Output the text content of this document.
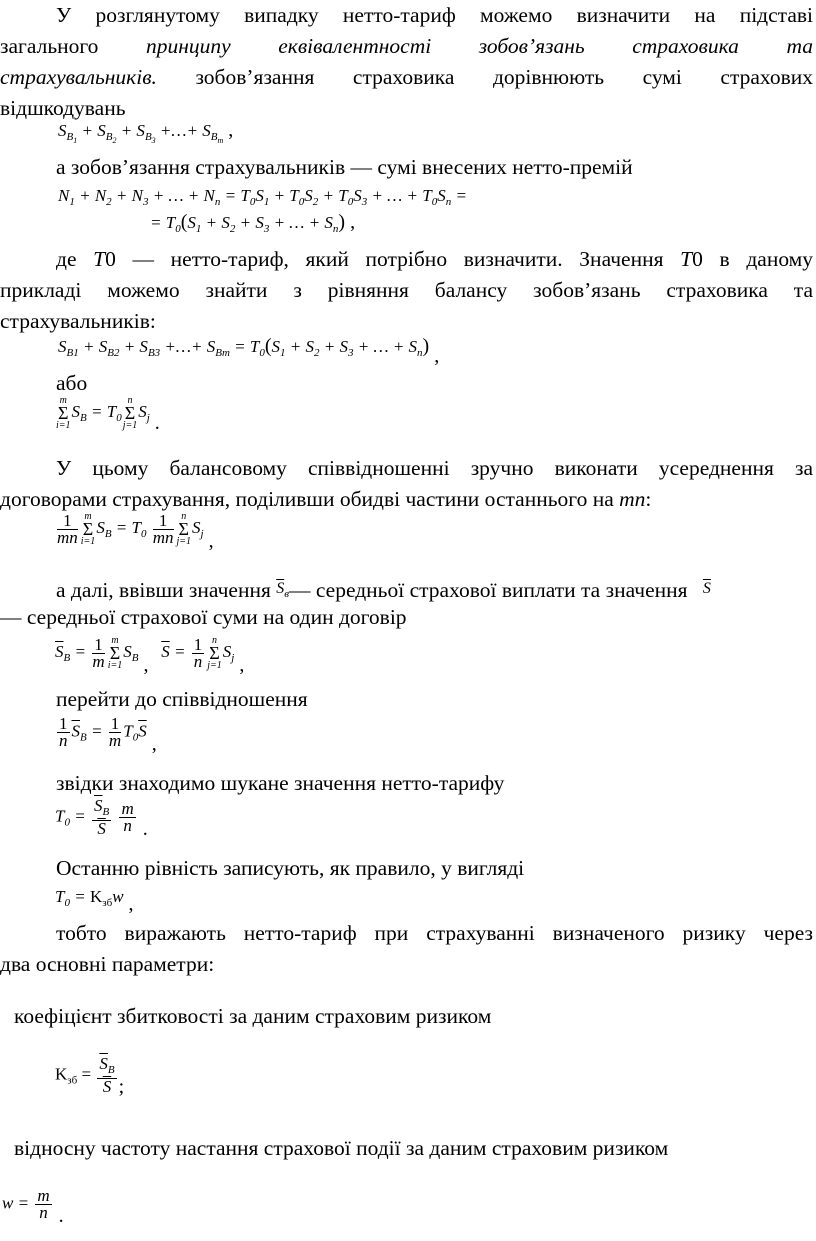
У розглянутому випадку нетто-тариф можемо визначити на підставі
загального принципу еквівалентності зобов’язань страховика та
страхувальників. зобов’язання страховика дорівнюють сумі страхових
відшкодувань
$S_{B_1} + S_{B_2} + S_{B_3}$ +…+ $S_{B_m}$ ,
а зобов’язання страхувальників — сумі внесених нетто-премій
$N_1 + N_2 + N_3$ + … + $N_n = T_0S_1 + T_0S_2 + T_0S_3$ + … + $T_0S_n$ =
= $T_0(S_1 + S_2 + S_3$ + … + $S_n$) ,
де T0 — нетто-тариф, який потрібно визначити. Значення T0 в даному
прикладі можемо знайти з рівняння балансу зобов’язань страховика та
страхувальників:
$S_{B1} + S_{B2} + S_{B3}$ +…+ $S_{Bm} = T_0(S_1 + S_2 + S_3$ + … + $S_n$) ,
або
m
Σ
$i=1S_B = T_0n$
Σ
$j=1S_j$ .
У цьому балансовому співвідношенні зручно виконати усереднення за
договорами страхування, поділивши обидві частини останнього на mn:
$\frac{1}{mn}$ m
Σ
$i=1S_B = T_0 \frac{1}{mn}$ n
Σ
$j=1S_j$ ,
а далі, ввівши значення $\overline{S}_в—$ середньої страхової виплати та значення $\overline{S}$
— середньої страхової суми на один договір
$\overline{S}_B = \frac{1}{m}$ m
Σ
$i=1S_B$ ,   $\overline{S} = \frac{1}{n}$ n
Σ
$j=1S_j$ ,
перейти до співвідношення
$\frac{1}{n} \overline{S}_B = \frac{1}{m} T_0\overline{S}$ ,
звідки знаходимо шукане значення нетто-тарифу
$T_0 = \frac{\overline{S}_B}{S}$
$\frac{m}{n}$ .
Останню рівність записують, як правило, у вигляді
$T_0 = K_{зб}w$ ,
тобто виражають нетто-тариф при страхуванні визначеного ризику через
два основні параметри:
коефіцієнт збитковості за даним страховим ризиком
$K_{зб} = \frac{\overline{S}_B}{S}$ ;
відносну частоту настання страхової події за даним страховим ризиком
$w = \frac{m}{n}$ .
